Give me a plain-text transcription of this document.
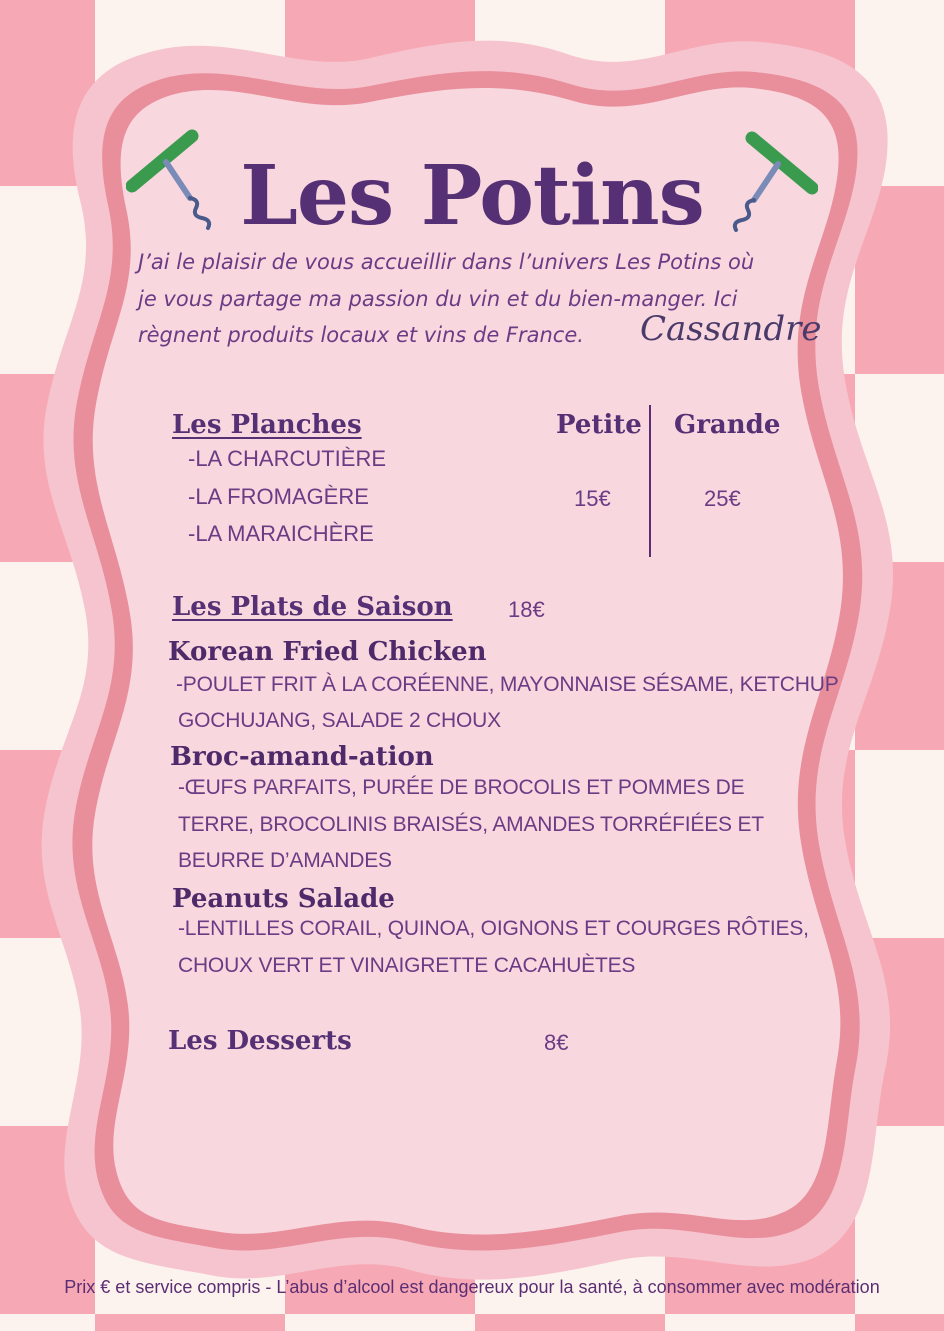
Les Potins
J’ai le plaisir de vous accueillir dans l’univers Les Potins où
je vous partage ma passion du vin et du bien-manger. Ici
règnent produits locaux et vins de France.	Cassandre
Les Planches	Petite Grande
-LA CHARCUTIÈRE
-LA FROMAGÈRE
-LA MARAICHÈRE
15€	25€
Les Plats de Saison	18€
Korean Fried Chicken
-POULET FRIT À LA CORÉENNE, MAYONNAISE SÉSAME, KETCHUP
GOCHUJANG, SALADE 2 CHOUX
Broc-amand-ation
-ŒUFS PARFAITS, PURÉE DE BROCOLIS ET POMMES DE
TERRE, BROCOLINIS BRAISÉS, AMANDES TORRÉFIÉES ET
BEURRE D’AMANDES
Peanuts Salade
-LENTILLES CORAIL, QUINOA, OIGNONS ET COURGES RÔTIES,
CHOUX VERT ET VINAIGRETTE CACAHUÈTES
Les Desserts	8€
Prix € et service compris - L’abus d’alcool est dangereux pour la santé, à consommer avec modération
